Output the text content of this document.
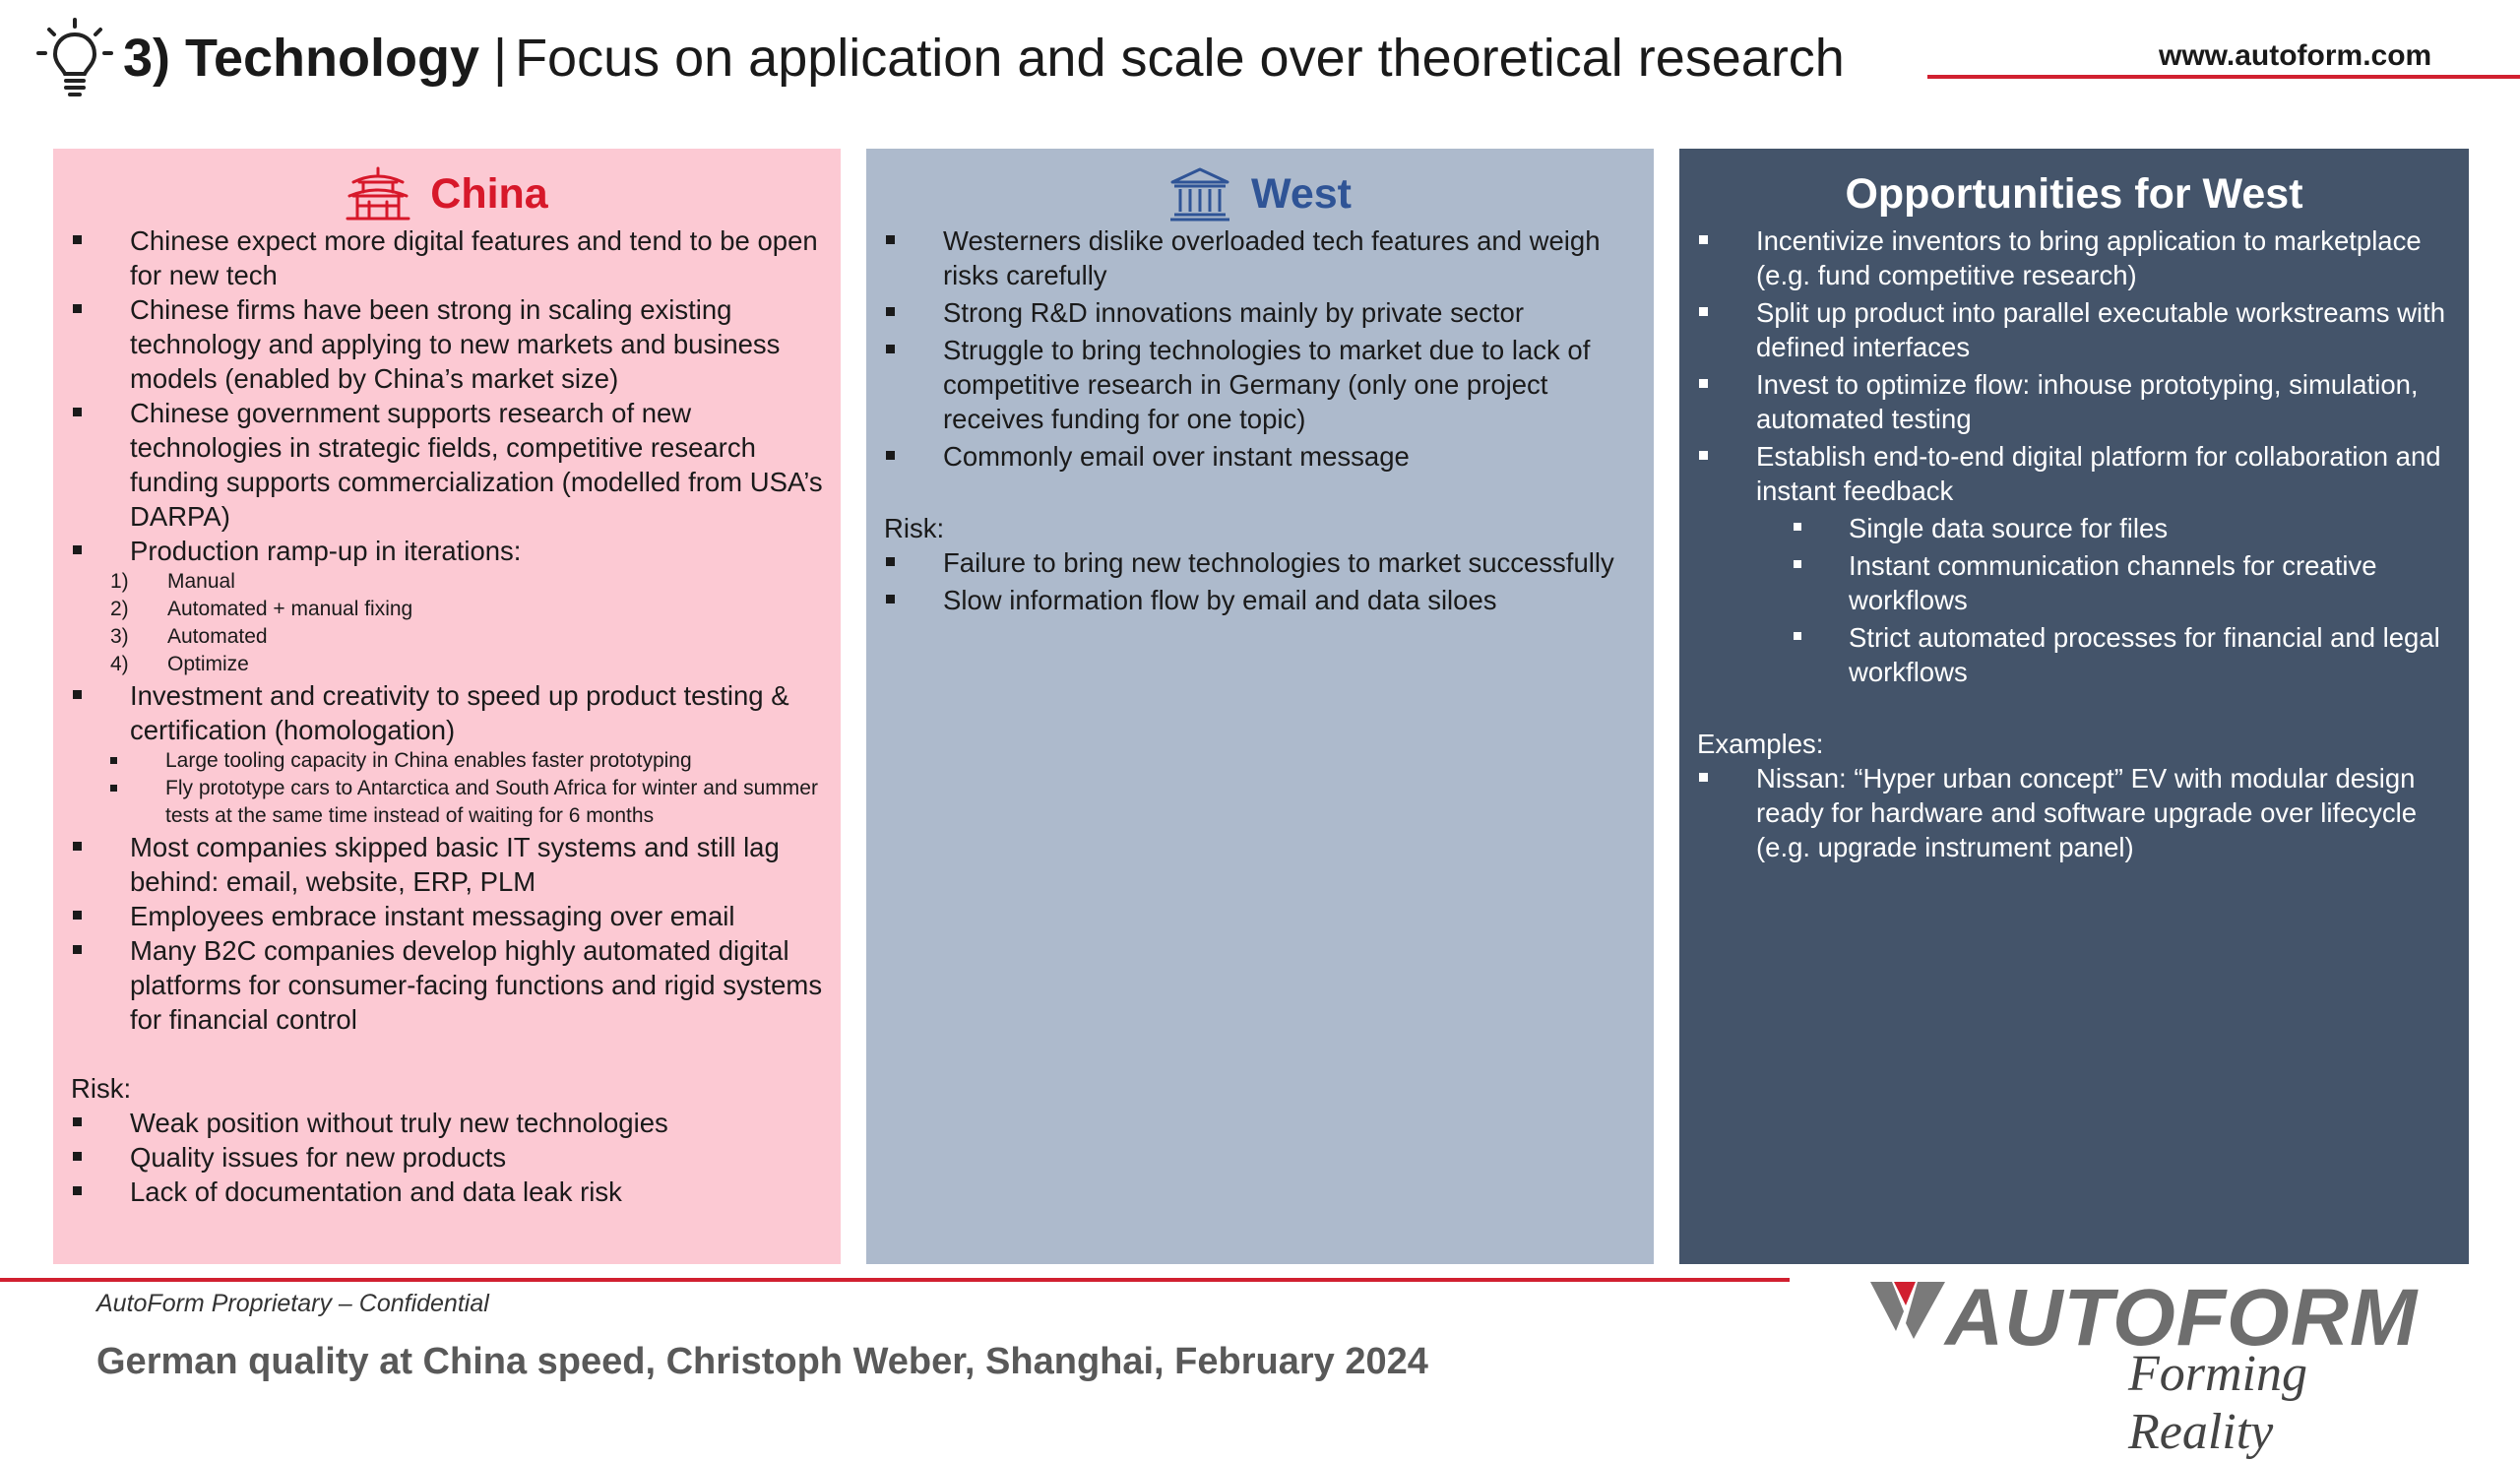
3) Technology | Focus on application and scale over theoretical research	www.autoform.com
China
Chinese expect more digital features and tend to be open for new tech
Chinese firms have been strong in scaling existing technology and applying to new markets and business models (enabled by China’s market size)
Chinese government supports research of new technologies in strategic fields, competitive research funding supports commercialization (modelled from USA’s DARPA)
Production ramp-up in iterations:
1)	Manual
2)	Automated + manual fixing
3)	Automated
4)	Optimize
Investment and creativity to speed up product testing & certification (homologation)
Large tooling capacity in China enables faster prototyping
Fly prototype cars to Antarctica and South Africa for winter and summer tests at the same time instead of waiting for 6 months
Most companies skipped basic IT systems and still lag behind: email, website, ERP, PLM
Employees embrace instant messaging over email
Many B2C companies develop highly automated digital platforms for consumer-facing functions and rigid systems for financial control

Risk:

Weak position without truly new technologies
Quality issues for new products
Lack of documentation and data leak risk
West
Westerners dislike overloaded tech features and weigh risks carefully
Strong R&D innovations mainly by private sector
Struggle to bring technologies to market due to lack of competitive research in Germany (only one project receives funding for one topic)
Commonly email over instant message

Risk:

Failure to bring new technologies to market successfully
Slow information flow by email and data siloes
Opportunities for West
Incentivize inventors to bring application to marketplace (e.g. fund competitive research)
Split up product into parallel executable workstreams with defined interfaces
Invest to optimize flow: inhouse prototyping, simulation, automated testing
Establish end-to-end digital platform for collaboration and instant feedback
Single data source for files
Instant communication channels for creative workflows
Strict automated processes for financial and legal workflows

Examples:

Nissan: “Hyper urban concept” EV with modular design ready for hardware and software upgrade over lifecycle (e.g. upgrade instrument panel)
AutoForm Proprietary – Confidential
German quality at China speed, Christoph Weber, Shanghai, February 2024	AUTOFORM
Forming Reality
